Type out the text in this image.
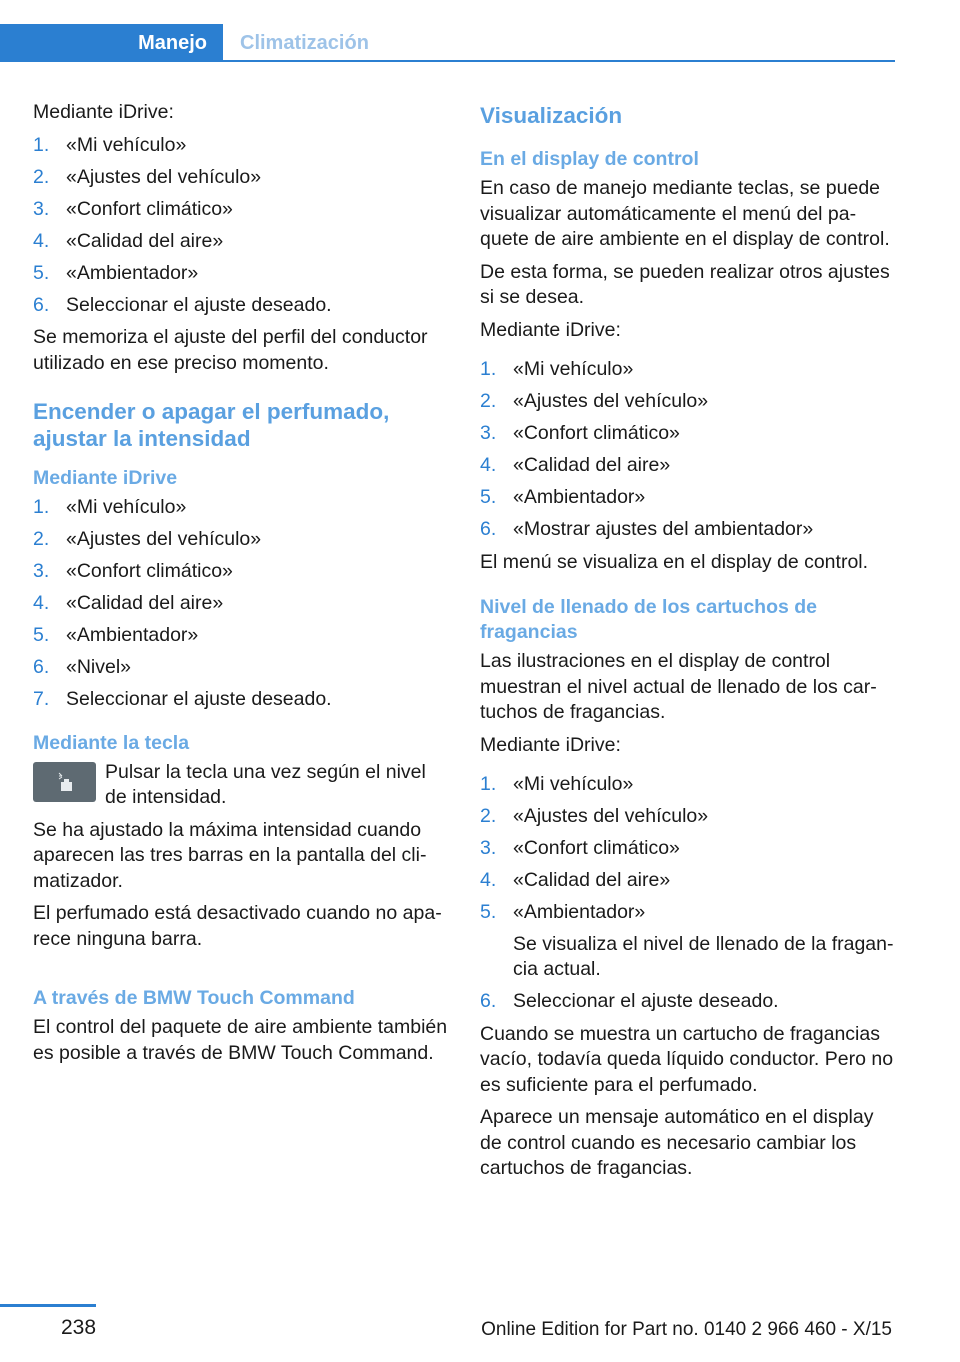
Manejo Climatización

Mediante iDrive:

1. «Mi vehículo»
2. «Ajustes del vehículo»
3. «Confort climático»
4. «Calidad del aire»
5. «Ambientador»
6. Seleccionar el ajuste deseado.

Se memoriza el ajuste del perfil del conductor utilizado en ese preciso momento.

Encender o apagar el perfumado, ajustar la intensidad
Mediante iDrive
1. «Mi vehículo»
2. «Ajustes del vehículo»
3. «Confort climático»
4. «Calidad del aire»
5. «Ambientador»
6. «Nivel»
7. Seleccionar el ajuste deseado.
Mediante la tecla
Pulsar la tecla una vez según el nivel de intensidad.

Se ha ajustado la máxima intensidad cuando aparecen las tres barras en la pantalla del climatizador.

El perfumado está desactivado cuando no aparece ninguna barra.

A través de BMW Touch Command

El control del paquete de aire ambiente también es posible a través de BMW Touch Command.

Visualización
En el display de control

En caso de manejo mediante teclas, se puede visualizar automáticamente el menú del paquete de aire ambiente en el display de control.

De esta forma, se pueden realizar otros ajustes si se desea.

Mediante iDrive:

1. «Mi vehículo»
2. «Ajustes del vehículo»
3. «Confort climático»
4. «Calidad del aire»
5. «Ambientador»
6. «Mostrar ajustes del ambientador»

El menú se visualiza en el display de control.

Nivel de llenado de los cartuchos de fragancias

Las ilustraciones en el display de control muestran el nivel actual de llenado de los cartuchos de fragancias.

Mediante iDrive:

1. «Mi vehículo»
2. «Ajustes del vehículo»
3. «Confort climático»
4. «Calidad del aire»
5. «Ambientador»
Se visualiza el nivel de llenado de la fragancia actual.
6. Seleccionar el ajuste deseado.

Cuando se muestra un cartucho de fragancias vacío, todavía queda líquido conductor. Pero no es suficiente para el perfumado.

Aparece un mensaje automático en el display de control cuando es necesario cambiar los cartuchos de fragancias.

238	Online Edition for Part no. 0140 2 966 460 - X/15
